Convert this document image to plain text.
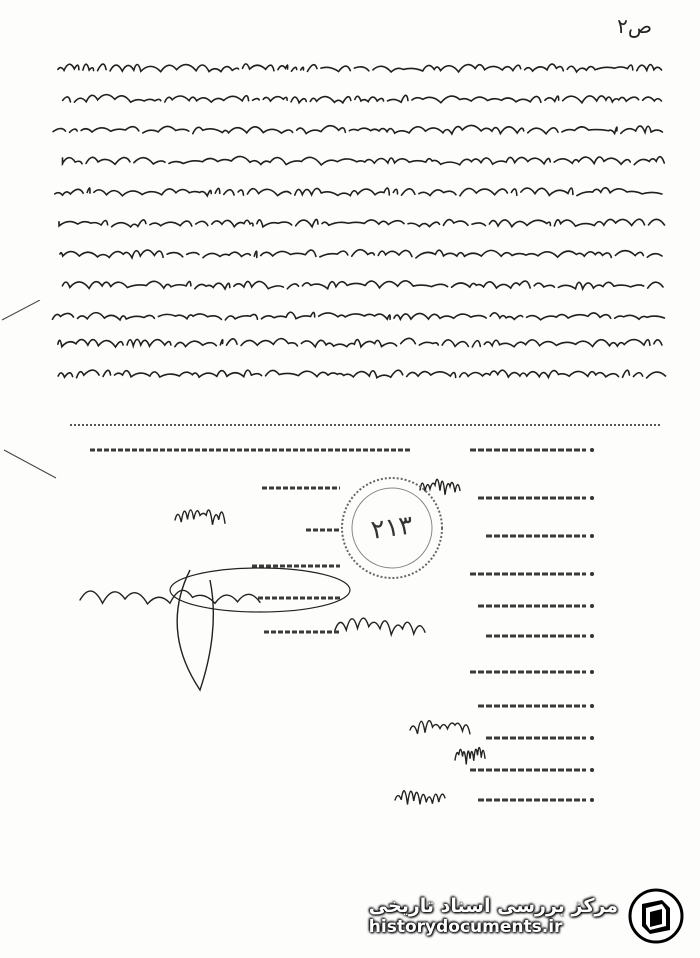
ص۲
۲۱۳
مرکز بررسی اسناد تاریخی
historydocuments.ir
